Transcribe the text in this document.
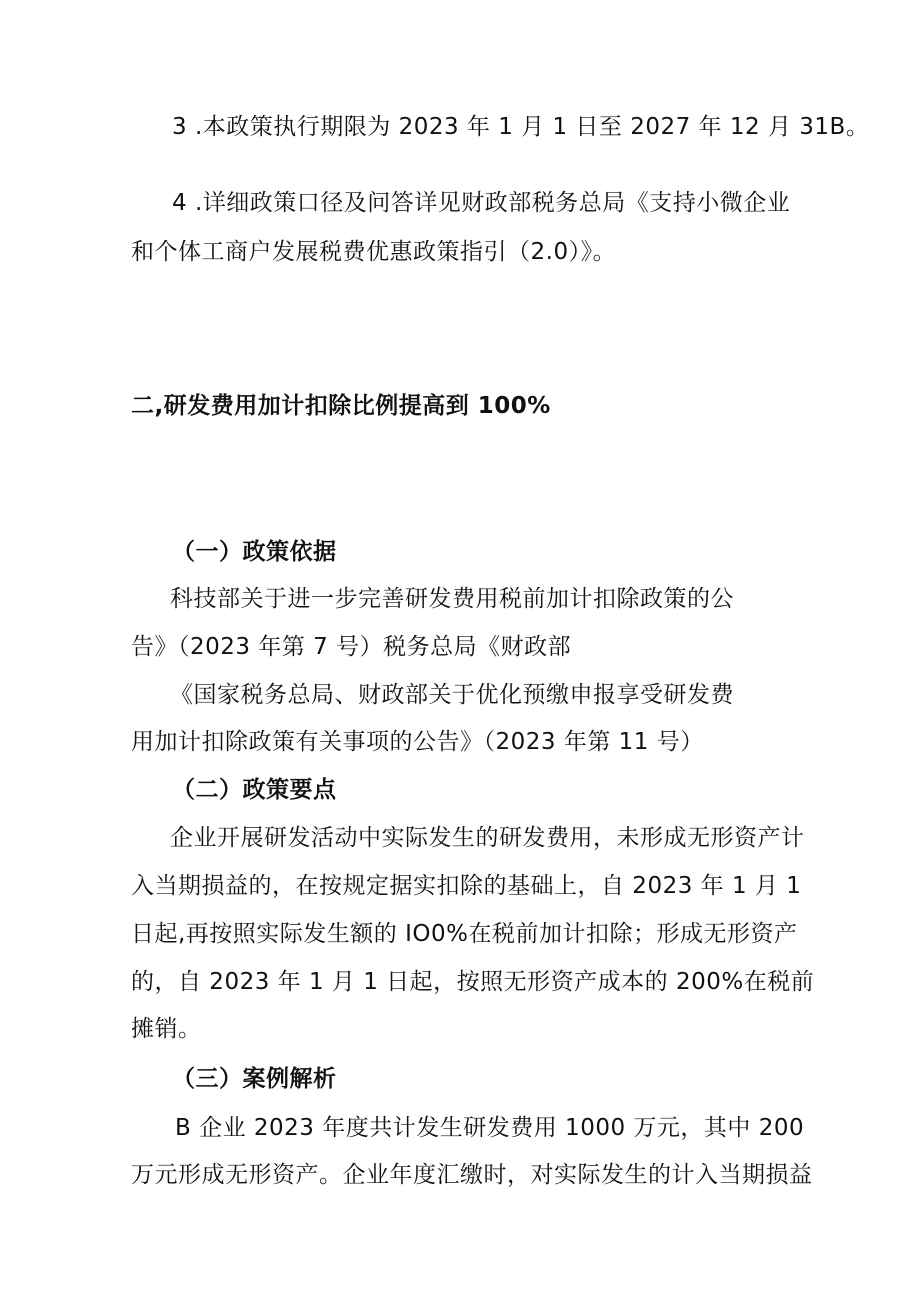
3 .本政策执行期限为 2023 年 1 月 1 日至 2027 年 12 月 31B。
4 .详细政策口径及问答详见财政部税务总局《支持小微企业
和个体工商户发展税费优惠政策指引（2.0）》。
二,研发费用加计扣除比例提高到 100%
（一）政策依据
科技部关于进一步完善研发费用税前加计扣除政策的公
告》（2023 年第 7 号）税务总局《财政部
《国家税务总局、财政部关于优化预缴申报享受研发费
用加计扣除政策有关事项的公告》（2023 年第 11 号）
（二）政策要点
企业开展研发活动中实际发生的研发费用，未形成无形资产计
入当期损益的，在按规定据实扣除的基础上，自 2023 年 1 月 1
日起,再按照实际发生额的 IO0%在税前加计扣除；形成无形资产
的，自 2023 年 1 月 1 日起，按照无形资产成本的 200%在税前
摊销。
（三）案例解析
B 企业 2023 年度共计发生研发费用 1000 万元，其中 200
万元形成无形资产。企业年度汇缴时，对实际发生的计入当期损益
